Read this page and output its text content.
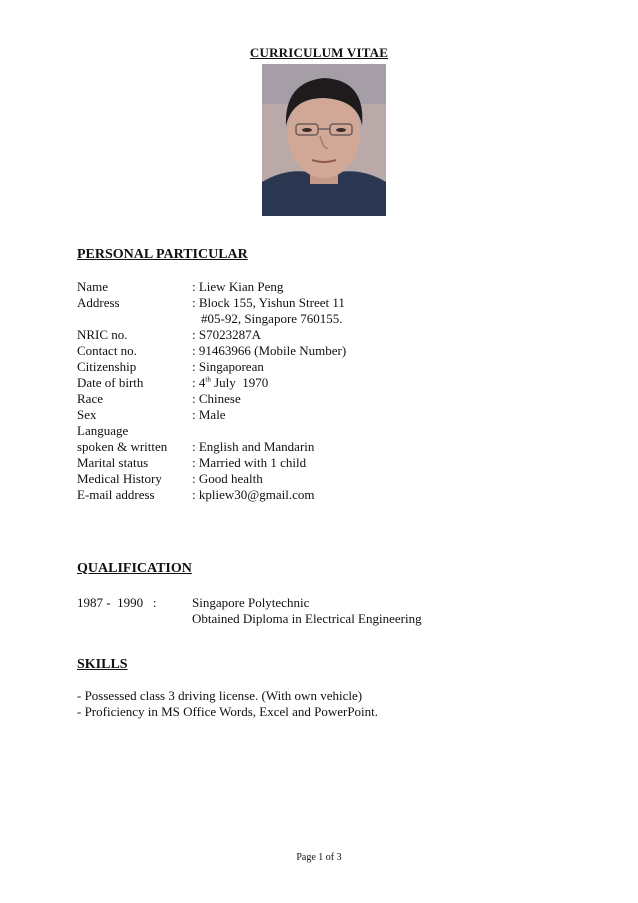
CURRICULUM VITAE
PERSONAL PARTICULAR
Name	: Liew Kian Peng
Address	: Block 155, Yishun Street 11
#05-92, Singapore 760155.
NRIC no.	: S7023287A
Contact no.	: 91463966 (Mobile Number)
Citizenship	: Singaporean
Date of birth	: 4th July  1970
Race	: Chinese
Sex	: Male
Language
spoken & written : English and Mandarin
Marital status	: Married with 1 child
Medical History : Good health
E-mail address	: kpliew30@gmail.com
QUALIFICATION
1987 -  1990   :	Singapore Polytechnic
Obtained Diploma in Electrical Engineering
SKILLS
- Possessed class 3 driving license. (With own vehicle)
- Proficiency in MS Office Words, Excel and PowerPoint.
Page 1 of 3
